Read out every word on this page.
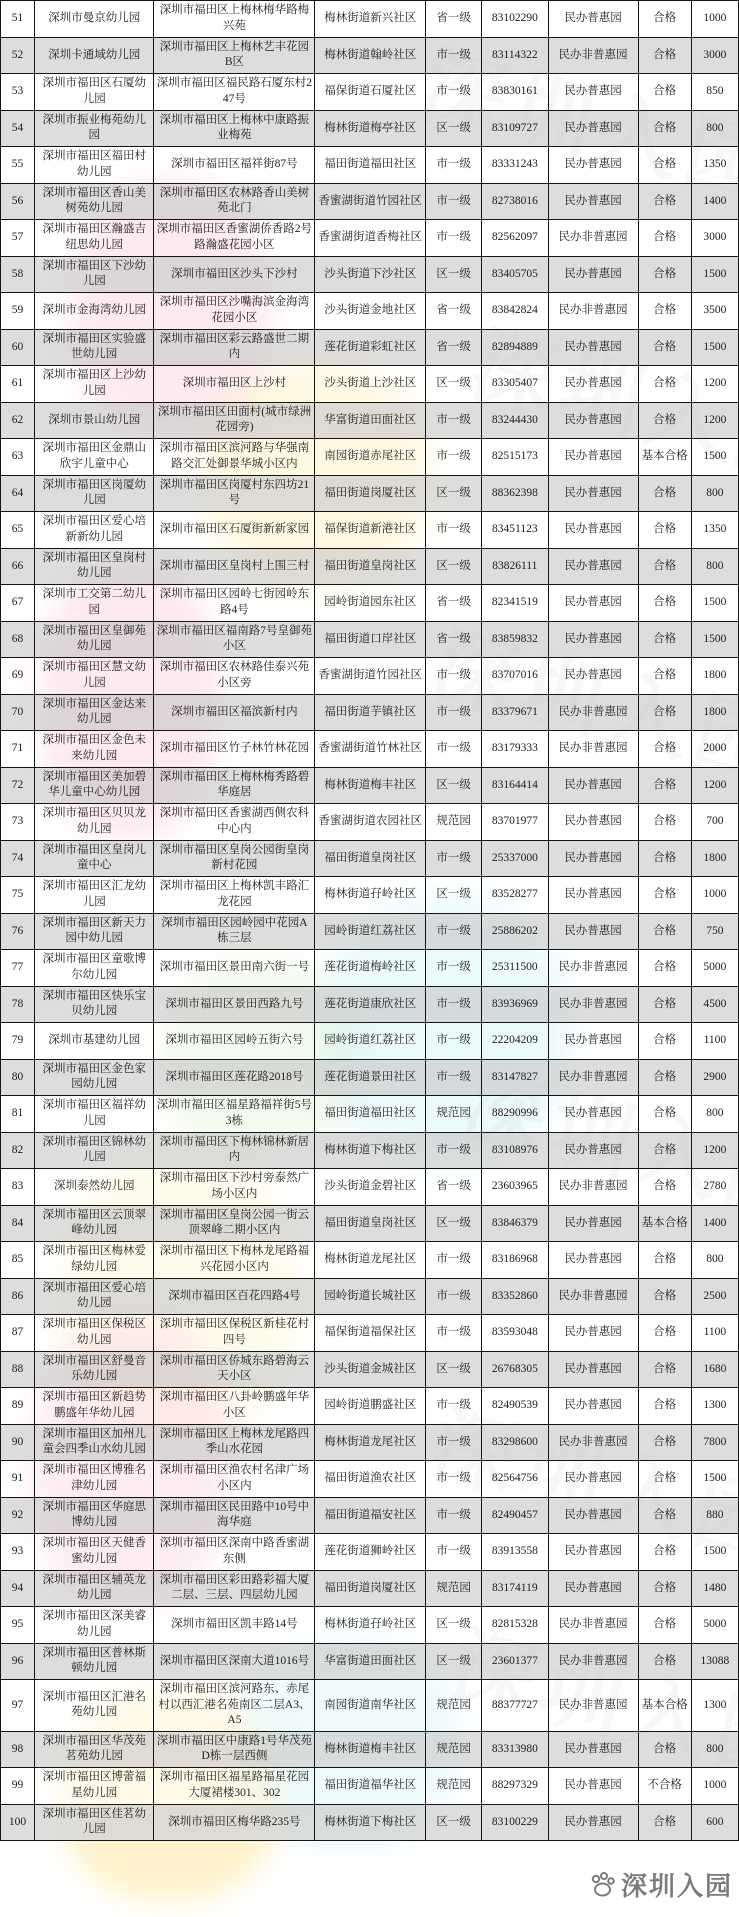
51	深圳市曼京幼儿园	深圳市福田区上梅林梅华路梅兴苑	梅林街道新兴社区	省一级	83102290	民办普惠园	合格	1000
52	深圳卡通域幼儿园	深圳市福田区上梅林艺丰花园B区	梅林街道翰岭社区	市一级	83114322	民办非普惠园	合格	3000
53	深圳市福田区石厦幼儿园	深圳市福田区福民路石厦东村247号	福保街道石厦社区	市一级	83830161	民办普惠园	合格	850
54	深圳市振业梅苑幼儿园	深圳市福田区上梅林中康路振业梅苑	梅林街道梅亭社区	区一级	83109727	民办普惠园	合格	800
55	深圳市福田区福田村幼儿园	深圳市福田区福祥街87号	福田街道福田社区	市一级	83331243	民办普惠园	合格	1350
56	深圳市福田区香山美树苑幼儿园	深圳市福田区农林路香山美树苑北门	香蜜湖街道竹园社区	市一级	82738016	民办普惠园	合格	1400
57	深圳市福田区瀚盛吉纽思幼儿园	深圳市福田区香蜜湖侨香路2号路瀚盛花园小区	香蜜湖街道香梅社区	市一级	82562097	民办非普惠园	合格	3000
58	深圳市福田区下沙幼儿园	深圳市福田区沙头下沙村	沙头街道下沙社区	区一级	83405705	民办普惠园	合格	1500
59	深圳市金海湾幼儿园	深圳市福田区沙嘴海滨金海湾花园小区	沙头街道金地社区	省一级	83842824	民办非普惠园	合格	3500
60	深圳市福田区实验盛世幼儿园	深圳市福田区彩云路盛世二期内	莲花街道彩虹社区	省一级	82894889	民办普惠园	合格	1500
61	深圳市福田区上沙幼儿园	深圳市福田区上沙村	沙头街道上沙社区	区一级	83305407	民办普惠园	合格	1200
62	深圳市景山幼儿园	深圳市福田区田面村(城市绿洲花园旁)	华富街道田面社区	市一级	83244430	民办普惠园	合格	1200
63	深圳市福田区金鼎山欣宇儿童中心	深圳市福田区滨河路与华强南路交汇处御景华城小区内	南园街道赤尾社区	市一级	82515173	民办普惠园	基本合格	1500
64	深圳市福田区岗厦幼儿园	深圳市福田区岗厦村东四坊21号	福田街道岗厦社区	区一级	88362398	民办普惠园	合格	800
65	深圳市福田区爱心培新新幼儿园	深圳市福田区石厦街新新家园	福保街道新港社区	市一级	83451123	民办普惠园	合格	1350
66	深圳市福田区皇岗村幼儿园	深圳市福田区皇岗村上围三村	福田街道皇岗社区	区一级	83826111	民办普惠园	合格	800
67	深圳市工交第二幼儿园	深圳市福田区园岭七街园岭东路4号	园岭街道园东社区	省一级	82341519	民办普惠园	合格	1500
68	深圳市福田区皇御苑幼儿园	深圳市福田区福南路7号皇御苑小区	福田街道口岸社区	省一级	83859832	民办普惠园	合格	1500
69	深圳市福田区慧文幼儿园	深圳市福田区农林路佳泰兴苑小区旁	香蜜湖街道竹园社区	市一级	83707016	民办普惠园	合格	1800
70	深圳市福田区金达来幼儿园	深圳市福田区福滨新村内	福田街道芋镇社区	市一级	83379671	民办非普惠园	合格	1800
71	深圳市福田区金色未来幼儿园	深圳市福田区竹子林竹林花园	香蜜湖街道竹林社区	市一级	83179333	民办非普惠园	合格	2000
72	深圳市福田区美加碧华儿童中心幼儿园	深圳市福田区上梅林梅秀路碧华庭居	梅林街道梅丰社区	区一级	83164414	民办普惠园	合格	1200
73	深圳市福田区贝贝龙幼儿园	深圳市福田区香蜜湖西侧农科中心内	香蜜湖街道农园社区	规范园	83701977	民办普惠园	合格	700
74	深圳市福田区皇岗儿童中心	深圳市福田区皇岗公园街皇岗新村花园	福田街道皇岗社区	市一级	25337000	民办普惠园	合格	1800
75	深圳市福田区汇龙幼儿园	深圳市福田区上梅林凯丰路汇龙花园	梅林街道孖岭社区	区一级	83528277	民办普惠园	合格	1000
76	深圳市福田区新天力园中幼儿园	深圳市福田区园岭园中花园A栋三层	园岭街道红荔社区	市一级	25886202	民办普惠园	合格	750
77	深圳市福田区童歌博尔幼儿园	深圳市福田区景田南六街一号	莲花街道梅岭社区	市一级	25311500	民办非普惠园	合格	5000
78	深圳市福田区快乐宝贝幼儿园	深圳市福田区景田西路九号	莲花街道康欣社区	市一级	83936969	民办非普惠园	合格	4500
79	深圳市基建幼儿园	深圳市福田区园岭五街六号	园岭街道红荔社区	市一级	22204209	民办普惠园	合格	1100
80	深圳市福田区金色家园幼儿园	深圳市福田区莲花路2018号	莲花街道景田社区	市一级	83147827	民办非普惠园	合格	2900
81	深圳市福田区福祥幼儿园	深圳市福田区福星路福祥街5号3栋	福田街道福田社区	规范园	88290996	民办普惠园	合格	800
82	深圳市福田区锦林幼儿园	深圳市福田区下梅林锦林新居内	梅林街道下梅社区	市一级	83108976	民办普惠园	合格	1200
83	深圳泰然幼儿园	深圳市福田区下沙村旁泰然广场小区内	沙头街道金碧社区	省一级	23603965	民办非普惠园	合格	2780
84	深圳市福田区云顶翠峰幼儿园	深圳市福田区皇岗公园一街云顶翠峰二期小区内	福田街道皇岗社区	区一级	83846379	民办普惠园	基本合格	1400
85	深圳市福田区梅林爱绿幼儿园	深圳市福田区下梅林龙尾路福兴花园小区内	梅林街道龙尾社区	市一级	83186968	民办普惠园	合格	800
86	深圳市福田区爱心培幼儿园	深圳市福田区百花四路4号	园岭街道长城社区	市一级	83352860	民办非普惠园	合格	2500
87	深圳市福田区保税区幼儿园	深圳市福田区保税区新桂花村四号	福保街道福保社区	市一级	83593048	民办普惠园	合格	1100
88	深圳市福田区舒曼音乐幼儿园	深圳市福田区侨城东路碧海云天小区	沙头街道金城社区	区一级	26768305	民办普惠园	合格	1680
89	深圳市福田区新趋势鹏盛年华幼儿园	深圳市福田区八卦岭鹏盛年华小区	园岭街道鹏盛社区	市一级	82490539	民办普惠园	合格	1300
90	深圳市福田区加州儿童会四季山水幼儿园	深圳市福田区上梅林龙尾路四季山水花园	梅林街道龙尾社区	市一级	83298600	民办非普惠园	合格	7800
91	深圳市福田区博雅名津幼儿园	深圳市福田区渔农村名津广场小区内	福田街道渔农社区	市一级	82564756	民办普惠园	合格	1500
92	深圳市福田区华庭思博幼儿园	深圳市福田区民田路中10号中海华庭	福田街道福安社区	市一级	82490457	民办普惠园	合格	880
93	深圳市福田区天健香蜜幼儿园	深圳市福田区深南中路香蜜湖东侧	莲花街道狮岭社区	市一级	83913558	民办普惠园	合格	1500
94	深圳市福田区辅英龙幼儿园	深圳市福田区彩田路彩福大厦二层、三层、四层幼儿园	福田街道岗厦社区	规范园	83174119	民办普惠园	合格	1480
95	深圳市福田区深美睿幼儿园	深圳市福田区凯丰路14号	梅林街道孖岭社区	区一级	82815328	民办非普惠园	合格	5000
96	深圳市福田区普林斯顿幼儿园	深圳市福田区深南大道1016号	华富街道田面社区	区一级	23601377	民办非普惠园	合格	13088
97	深圳市福田区汇港名苑幼儿园	深圳市福田区滨河路东、赤尾村以西汇港名苑南区二层A3、A5	南园街道南华社区	规范园	88377727	民办非普惠园	基本合格	1300
98	深圳市福田区华茂苑茗苑幼儿园	深圳市福田区中康路1号华茂苑D栋一层西侧	梅林街道梅丰社区	规范园	83313980	民办普惠园	合格	800
99	深圳市福田区博蕾福星幼儿园	深圳市福田区福星路福星花园大厦裙楼301、302	福田街道福华社区	规范园	88297329	民办普惠园	不合格	1000
100	深圳市福田区佳茗幼儿园	深圳市福田区梅华路235号	梅林街道下梅社区	区一级	83100229	民办普惠园	合格	600
深圳入园
